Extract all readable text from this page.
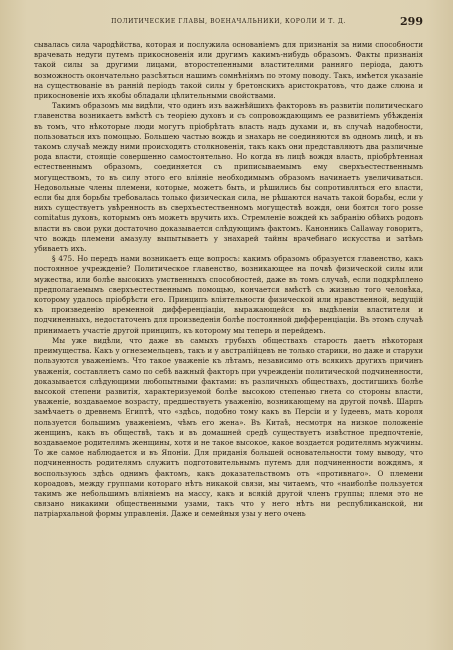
ПОЛИТИЧЕСКИЕ ГЛАВЫ, ВОЕНАЧАЛЬНИКИ, КОРОЛИ И Т. Д.	299

сывалась сила чародѣйства, которая и послужила основаніемъ для признанія за ними способности врачевать недуги путемъ прикосновенія или другимъ какимъ-нибудь образомъ. Факты признанія такой силы за другими лицами, второстепенными властителями ранняго періода, даютъ возможность окончательно разсѣяться нашимъ сомнѣніямъ по этому поводу. Такъ, имѣется указаніе на существованіе въ ранній періодъ такой силы у бретонскихъ аристократовъ, что даже слюна и прикосновеніе ихъ якобы обладали цѣлительными свойствами.

Такимъ образомъ мы видѣли, что одинъ изъ важнѣйшихъ факторовъ въ развитіи политическаго главенства возникаетъ вмѣстѣ съ теоріею духовъ и съ сопровождающимъ ее развитіемъ убѣжденія въ томъ, что нѣкоторые люди могутъ пріобрѣтать власть надъ духами и, въ случаѣ надобности, пользоваться ихъ помощью. Большею частью вождь и знахарь не соединяются въ одномъ лицѣ, и въ такомъ случаѣ между ними происходятъ столкновенія, такъ какъ они представляютъ два различные рода власти, стоящіе совершенно самостоятельно. Но когда въ лицѣ вождя власть, пріобрѣтенная естественнымъ образомъ, соединяется съ приписываемымъ ему сверхъестественнымъ могуществомъ, то въ силу этого его вліяніе необходимымъ образомъ начинаетъ увеличиваться. Недовольные члены племени, которые, можетъ быть, и рѣшились бы сопротивляться его власти, если бы для борьбы требовалась только физическая сила, не рѣшаются начать такой борьбы, если у нихъ существуетъ увѣренность въ сверхъестественномъ могуществѣ вождя, они боятся того posse comitatus духовъ, которымъ онъ можетъ вручить ихъ. Стремленіе вождей къ забранію обѣихъ родовъ власти въ свои руки достаточно доказывается слѣдующимъ фактомъ. Канонникъ Callaway говоритъ, что вождь племени амазулу выпытываетъ у знахарей тайны врачебнаго искусства и затѣмъ убиваетъ ихъ.

§ 475. Но передъ нами возникаетъ еще вопросъ: какимъ образомъ образуется главенство, какъ постоянное учрежденіе? Политическое главенство, возникающее на почвѣ физической силы или мужества, или болѣе высокихъ умственныхъ способностей, даже въ томъ случаѣ, если подкрѣплено предполагаемымъ сверхъестественнымъ помощью, кончается вмѣстѣ съ жизнью того человѣка, которому удалось пріобрѣсти его. Принципъ вліятельности физической или нравственной, ведущій къ произведенію временной дифференціаціи, выражающейся въ выдѣленіи властителя и подчиненныхъ, недостаточенъ для произведенія болѣе постоянной дифференціаціи. Въ этомъ случаѣ принимаетъ участіе другой принципъ, къ которому мы теперь и перейдемъ.

Мы уже видѣли, что даже въ самыхъ грубыхъ обществахъ старость даетъ нѣкоторыя преимущества. Какъ у огнеземельцевъ, такъ и у австралійцевъ не только старики, но даже и старухи пользуются уваженіемъ. Что такое уваженіе къ лѣтамъ, независимо отъ всякихъ другихъ причинъ уваженія, составляетъ само по себѣ важный факторъ при учрежденіи политической подчиненности, доказывается слѣдующими любопытными фактами: въ различныхъ обществахъ, достигшихъ болѣе высокой степени развитія, характеризуемой болѣе высокою степенью гнета со стороны власти, уваженіе, воздаваемое возрасту, предшествуетъ уваженію, возникающему на другой почвѣ. Шарпъ замѣчаетъ о древнемъ Египтѣ, что «здѣсь, подобно тому какъ въ Персіи и у Іудеевъ, мать короля пользуется большимъ уваженіемъ, чѣмъ его жена». Въ Китаѣ, несмотря на низкое положеніе женщинъ, какъ въ обществѣ, такъ и въ домашней средѣ существуетъ извѣстное предпочтеніе, воздаваемое родителямъ женщины, хотя и не такое высокое, какое воздается родителямъ мужчины. То же самое наблюдается и въ Японіи. Для приданія большей основательности тому выводу, что подчиненность родителямъ служитъ подготовительнымъ путемъ для подчиненности вождямъ, я воспользуюсь здѣсь однимъ фактомъ, какъ доказательствомъ отъ «противнаго». О племени короадовъ, между группами котораго нѣтъ никакой связи, мы читаемъ, что «наиболѣе пользуется такимъ же небольшимъ вліяніемъ на массу, какъ и всякій другой членъ группы; племя это не связано никакими общественными узами, такъ что у него нѣтъ ни республиканской, ни патріархальной формы управленія. Даже и семейныя узы у него очень
